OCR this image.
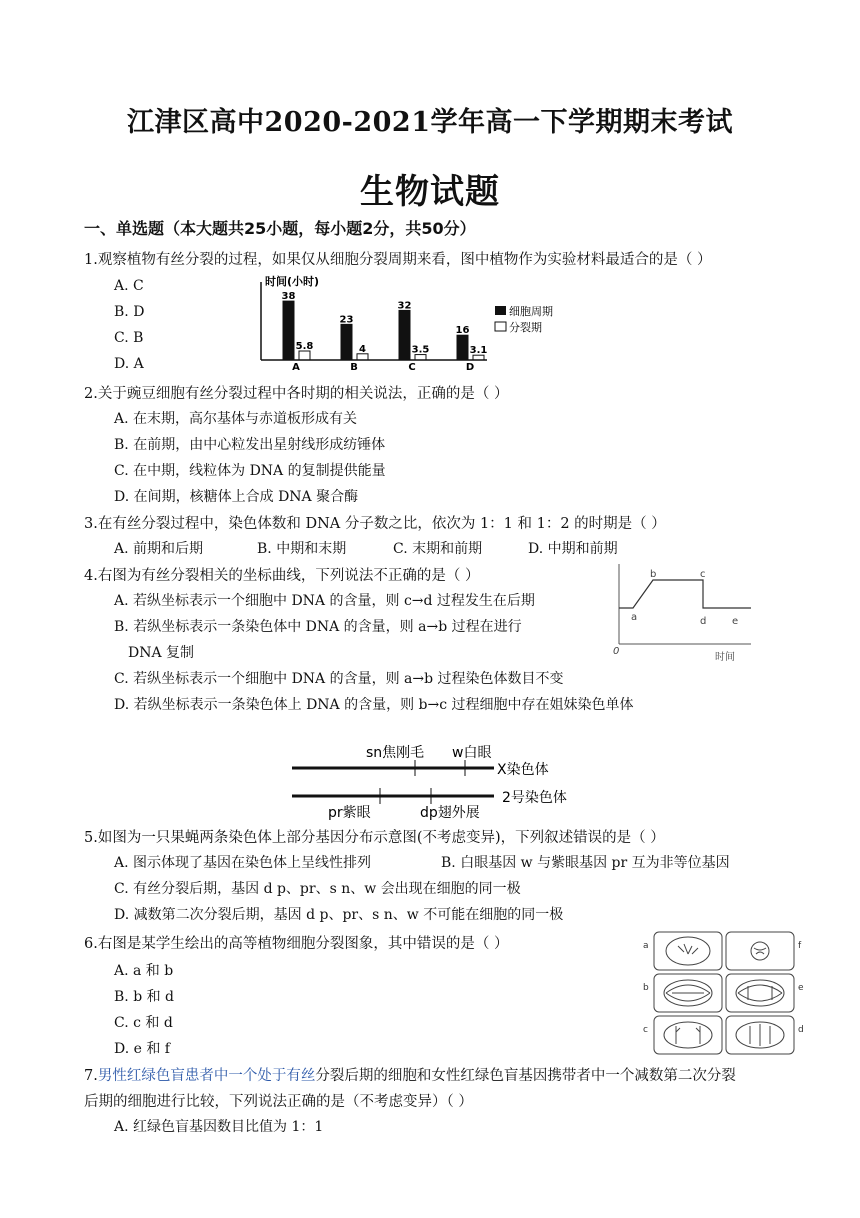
江津区高中2020-2021学年高一下学期期末考试
生物试题
一、单选题（本大题共25小题，每小题2分，共50分）
1.观察植物有丝分裂的过程，如果仅从细胞分裂周期来看，图中植物作为实验材料最适合的是（ ）
A. C
B. D
C. B
D. A
38
5.8
A
23
4
B
32
3.5
C
16
3.1
D
时间(小时)
细胞周期
分裂期
2.关于豌豆细胞有丝分裂过程中各时期的相关说法，正确的是（ ）
A. 在末期，高尔基体与赤道板形成有关
B. 在前期，由中心粒发出星射线形成纺锤体
C. 在中期，线粒体为 DNA 的复制提供能量
D. 在间期，核糖体上合成 DNA 聚合酶
3.在有丝分裂过程中，染色体数和 DNA 分子数之比，依次为 1：1 和 1：2 的时期是（ ）
A. 前期和后期	B. 中期和末期	C. 末期和前期	D. 中期和前期
4.右图为有丝分裂相关的坐标曲线，下列说法不正确的是（ ）
A. 若纵坐标表示一个细胞中 DNA 的含量，则 c→d 过程发生在后期
B. 若纵坐标表示一条染色体中 DNA 的含量，则 a→b 过程在进行
DNA 复制
C. 若纵坐标表示一个细胞中 DNA 的含量，则 a→b 过程染色体数目不变
D. 若纵坐标表示一条染色体上 DNA 的含量，则 b→c 过程细胞中存在姐妹染色单体
a
b	c
d	e
0
时间
sn焦刚毛 w白眼
X染色体
2号染色体
pr紫眼	dp翅外展
5.如图为一只果蝇两条染色体上部分基因分布示意图(不考虑变异)，下列叙述错误的是（ ）
A. 图示体现了基因在染色体上呈线性排列	B. 白眼基因 w 与紫眼基因 pr 互为非等位基因
C. 有丝分裂后期，基因 d p、pr、s n、w 会出现在细胞的同一极
D. 减数第二次分裂后期，基因 d p、pr、s n、w 不可能在细胞的同一极
6.右图是某学生绘出的高等植物细胞分裂图象，其中错误的是（ ）
A. a 和 b
B. b 和 d
C. c 和 d
D. e 和 f
a	f
b	e
c	d
7.男性红绿色盲患者中一个处于有丝分裂后期的细胞和女性红绿色盲基因携带者中一个减数第二次分裂
后期的细胞进行比较，下列说法正确的是（不考虑变异）（ ）
A. 红绿色盲基因数目比值为 1：1
